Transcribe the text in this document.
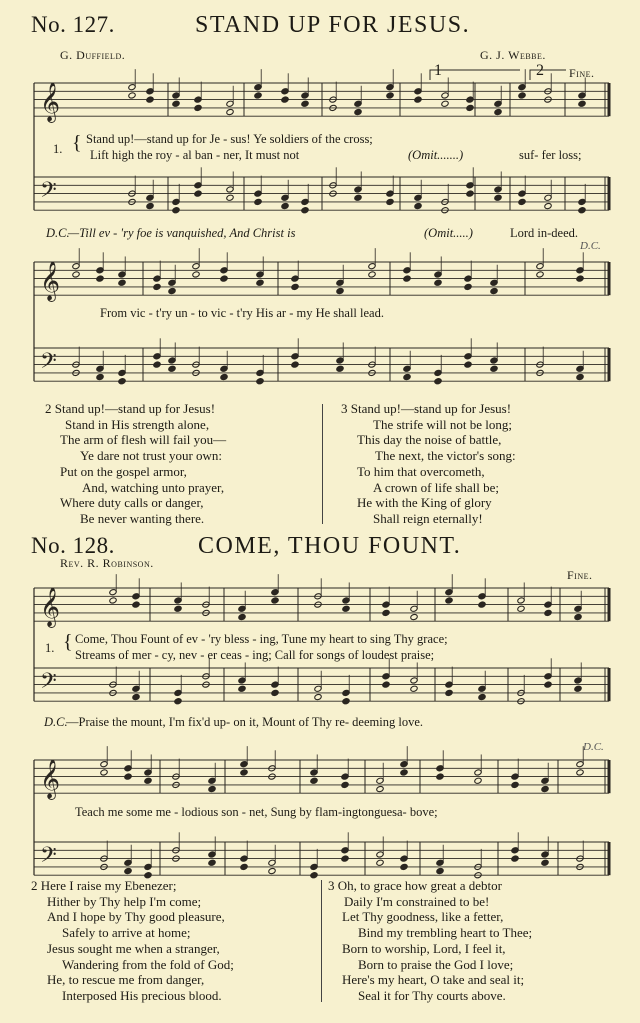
𝄞
𝄞
𝄞
𝄞
𝄢
𝄢
𝄢
𝄢
No. 127.	STAND UP FOR JESUS.
G. Duffield.	G. J. Webbe.
1	2 Fine.
1. { Stand up!—stand up for Je - sus! Ye soldiers of the cross;
Lift high the roy - al ban - ner, It must not	(Omit.......)	suf- fer loss;
D.C.
—Till ev - 'ry foe is vanquished, And Christ is	(Omit.....)	Lord in-deed.
D.C.
From vic - t'ry un - to vic - t'ry His ar - my He shall lead.
2 Stand up!—stand up for Jesus!
Stand in His strength alone,
The arm of flesh will fail you—
Ye dare not trust your own:
Put on the gospel armor,
And, watching unto prayer,
Where duty calls or danger,
Be never wanting there.
3 Stand up!—stand up for Jesus!
The strife will not be long;
This day the noise of battle,
The next, the victor's song:
To him that overcometh,
A crown of life shall be;
He with the King of glory
Shall reign eternally!
No. 128.	COME, THOU FOUNT.
Rev. R. Robinson.
Fine.
1. { Come, Thou Fount of ev - 'ry bless - ing, Tune my heart to sing Thy grace;
Streams of mer - cy, nev - er ceas - ing; Call for songs of loudest praise;
D.C.
—Praise the mount, I'm fix'd up- on it, Mount of Thy re- deeming love.
D.C.
Teach me some me - lodious son - net, Sung by flam-ingtonguesa- bove;
2 Here I raise my Ebenezer;
Hither by Thy help I'm come;
And I hope by Thy good pleasure,
Safely to arrive at home;
Jesus sought me when a stranger,
Wandering from the fold of God;
He, to rescue me from danger,
Interposed His precious blood.
3 Oh, to grace how great a debtor
Daily I'm constrained to be!
Let Thy goodness, like a fetter,
Bind my trembling heart to Thee;
Born to worship, Lord, I feel it,
Born to praise the God I love;
Here's my heart, O take and seal it;
Seal it for Thy courts above.
